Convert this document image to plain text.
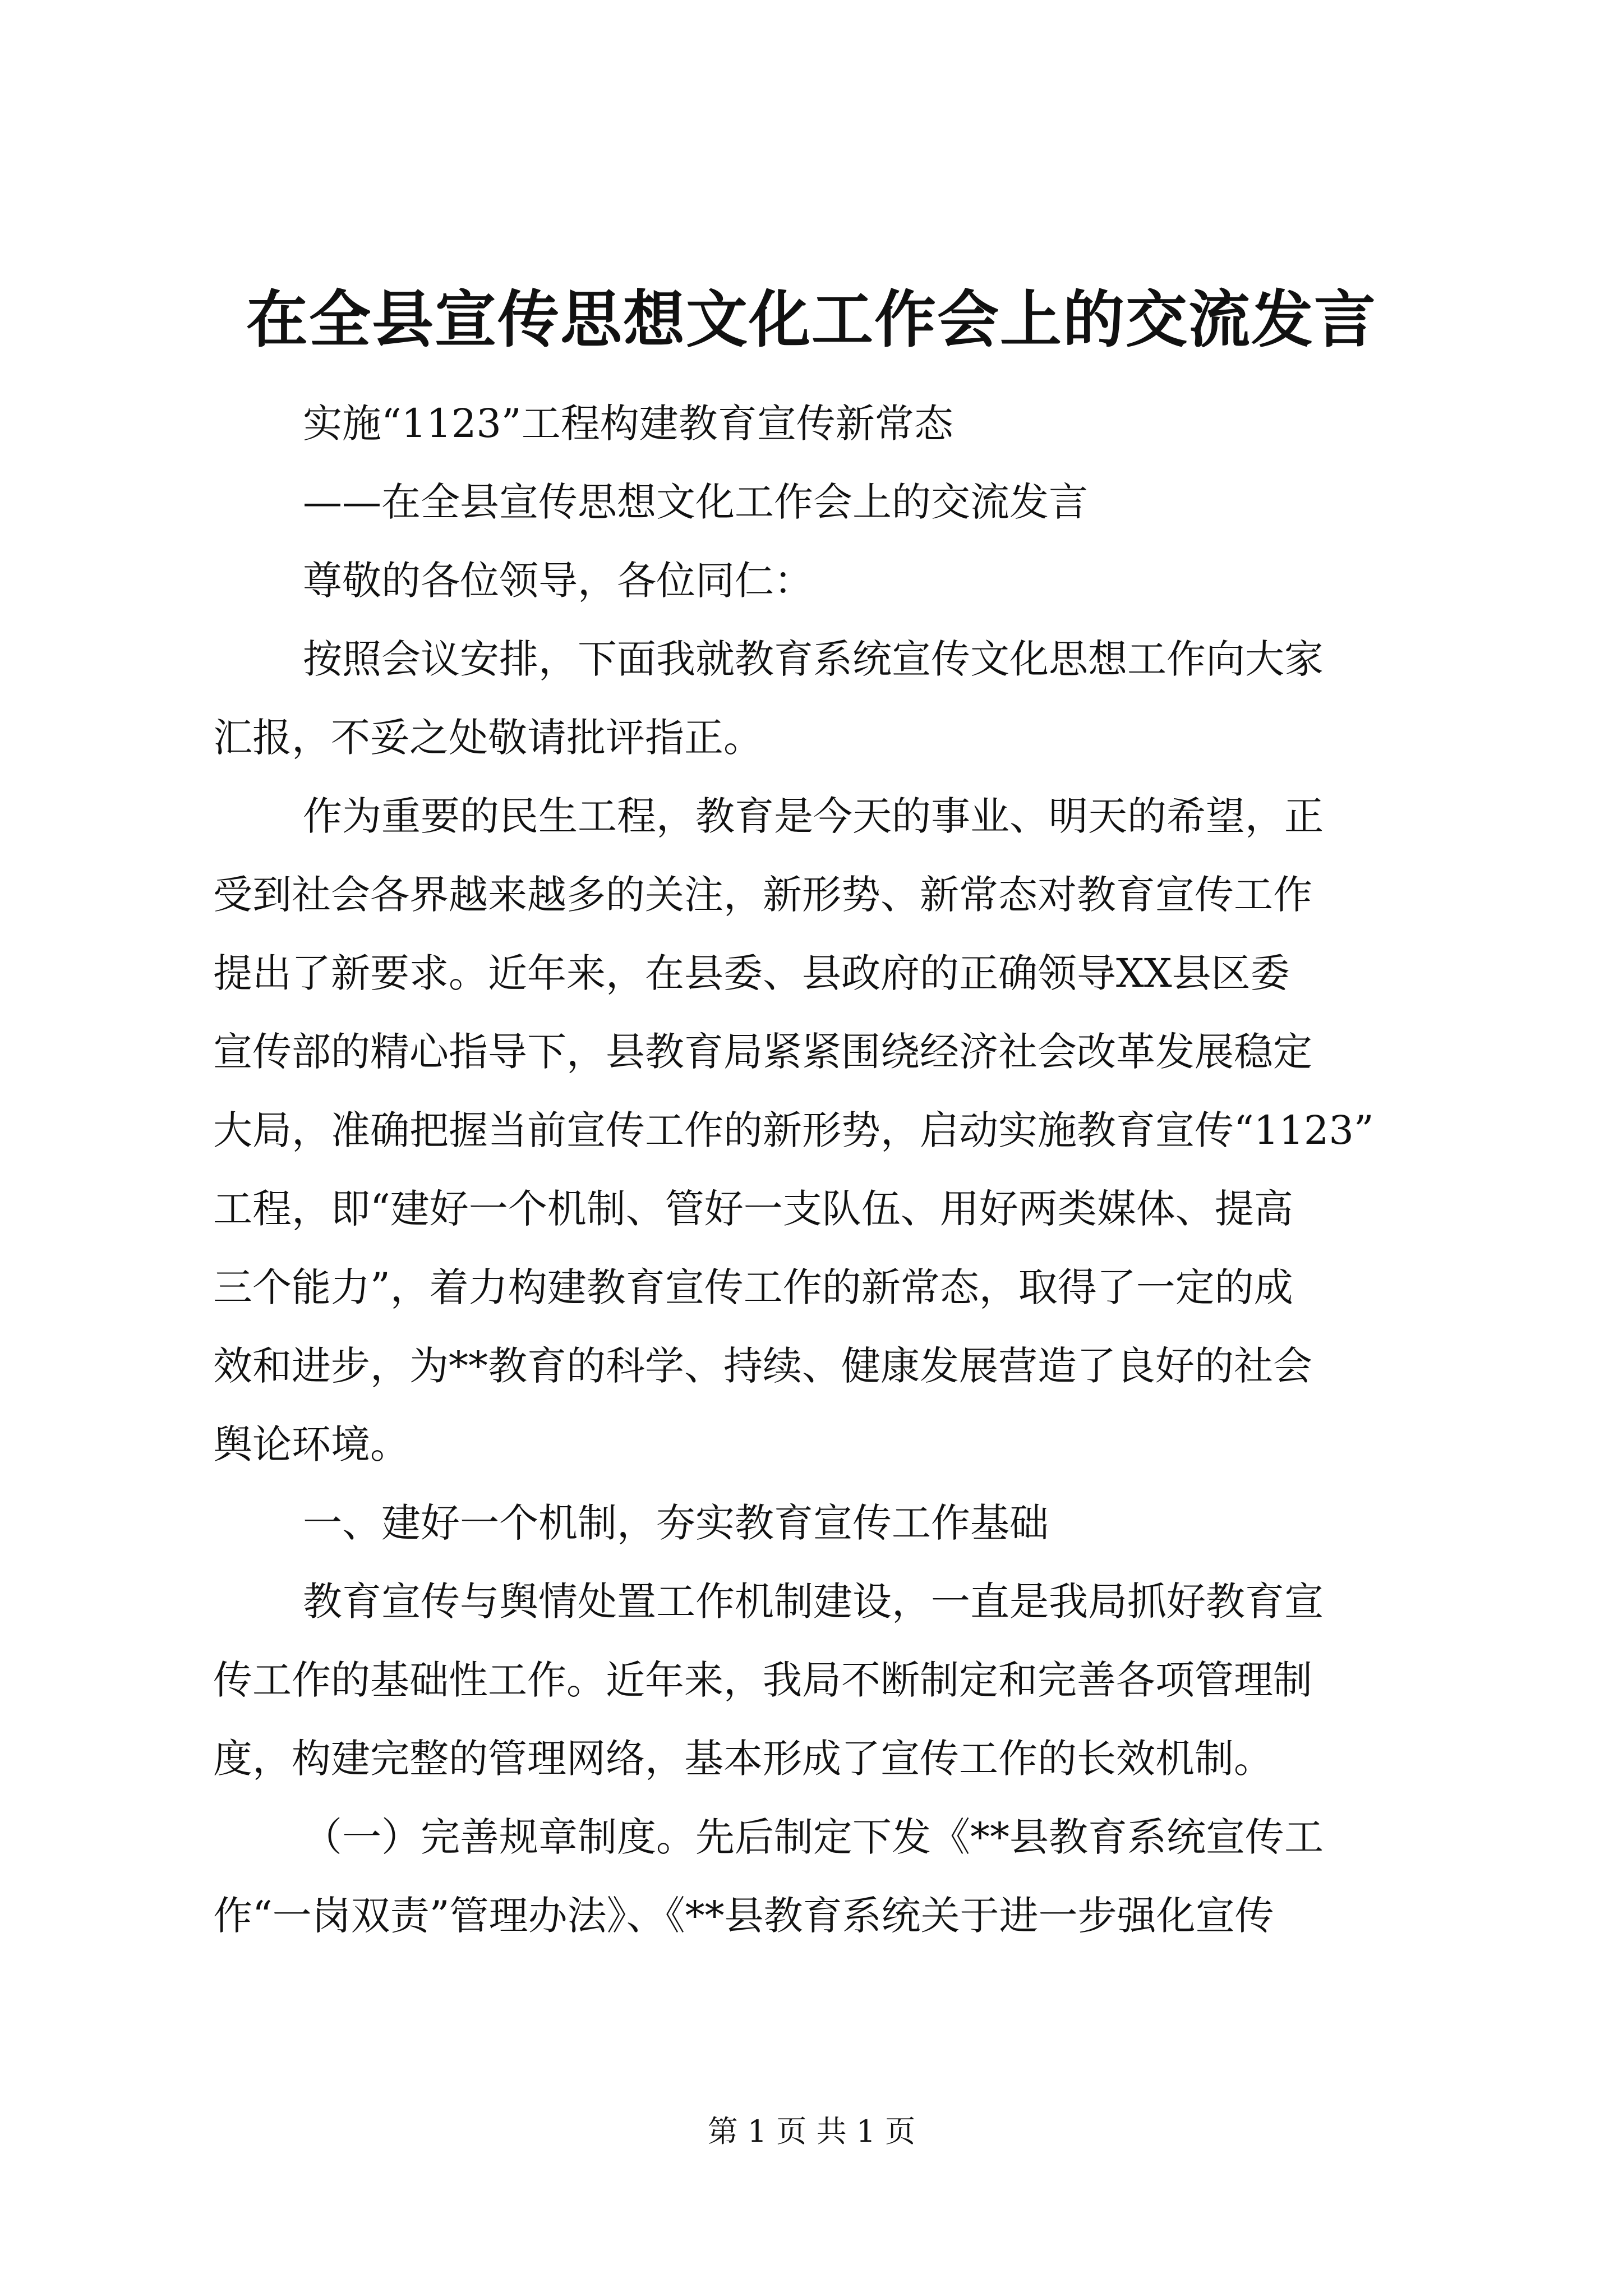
在全县宣传思想文化工作会上的交流发言
实施“1123”工程构建教育宣传新常态
——在全县宣传思想文化工作会上的交流发言
尊敬的各位领导，各位同仁：
按照会议安排，下面我就教育系统宣传文化思想工作向大家
汇报，不妥之处敬请批评指正。
作为重要的民生工程，教育是今天的事业、明天的希望，正
受到社会各界越来越多的关注，新形势、新常态对教育宣传工作
提出了新要求。近年来，在县委、县政府的正确领导XX县区委
宣传部的精心指导下，县教育局紧紧围绕经济社会改革发展稳定
大局，准确把握当前宣传工作的新形势，启动实施教育宣传“1123”
工程，即“建好一个机制、管好一支队伍、用好两类媒体、提高
三个能力”，着力构建教育宣传工作的新常态，取得了一定的成
效和进步，为**教育的科学、持续、健康发展营造了良好的社会
舆论环境。
一、建好一个机制，夯实教育宣传工作基础
教育宣传与舆情处置工作机制建设，一直是我局抓好教育宣
传工作的基础性工作。近年来，我局不断制定和完善各项管理制
度，构建完整的管理网络，基本形成了宣传工作的长效机制。
（一）完善规章制度。先后制定下发《**县教育系统宣传工
作“一岗双责”管理办法》、《**县教育系统关于进一步强化宣传
第 1 页 共 1 页
